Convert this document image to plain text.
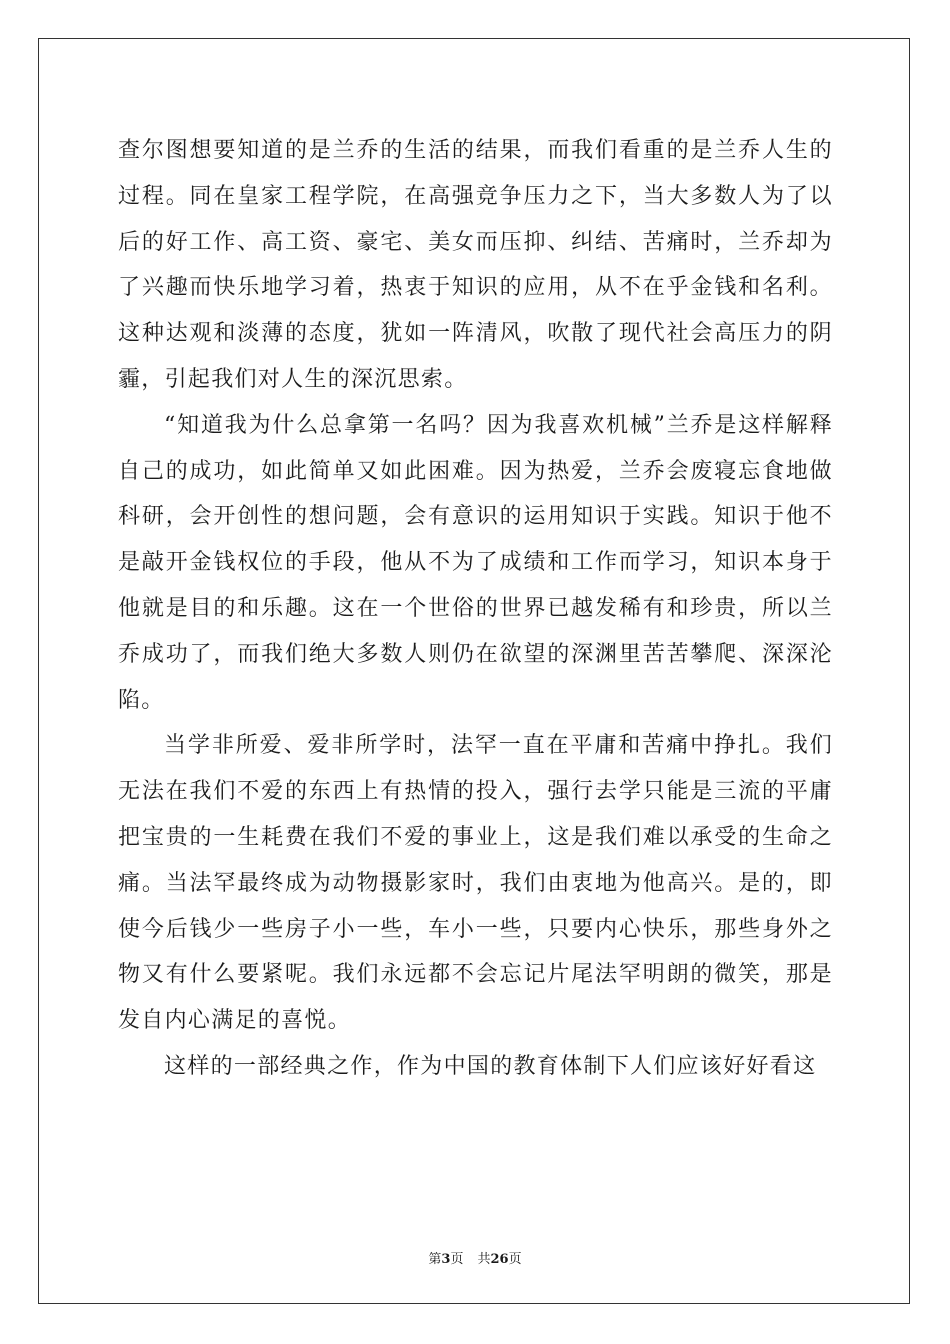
查尔图想要知道的是兰乔的生活的结果，而我们看重的是兰乔人生的过程。同在皇家工程学院，在高强竞争压力之下，当大多数人为了以后的好工作、高工资、豪宅、美女而压抑、纠结、苦痛时，兰乔却为了兴趣而快乐地学习着，热衷于知识的应用，从不在乎金钱和名利。这种达观和淡薄的态度，犹如一阵清风，吹散了现代社会高压力的阴霾，引起我们对人生的深沉思索。

“知道我为什么总拿第一名吗？因为我喜欢机械”兰乔是这样解释自己的成功，如此简单又如此困难。因为热爱，兰乔会废寝忘食地做科研，会开创性的想问题，会有意识的运用知识于实践。知识于他不是敲开金钱权位的手段，他从不为了成绩和工作而学习，知识本身于他就是目的和乐趣。这在一个世俗的世界已越发稀有和珍贵，所以兰乔成功了，而我们绝大多数人则仍在欲望的深渊里苦苦攀爬、深深沦陷。

当学非所爱、爱非所学时，法罕一直在平庸和苦痛中挣扎。我们无法在我们不爱的东西上有热情的投入，强行去学只能是三流的平庸把宝贵的一生耗费在我们不爱的事业上，这是我们难以承受的生命之痛。当法罕最终成为动物摄影家时，我们由衷地为他高兴。是的，即使今后钱少一些房子小一些，车小一些，只要内心快乐，那些身外之物又有什么要紧呢。我们永远都不会忘记片尾法罕明朗的微笑，那是发自内心满足的喜悦。

这样的一部经典之作，作为中国的教育体制下人们应该好好看这

第3页 共26页
